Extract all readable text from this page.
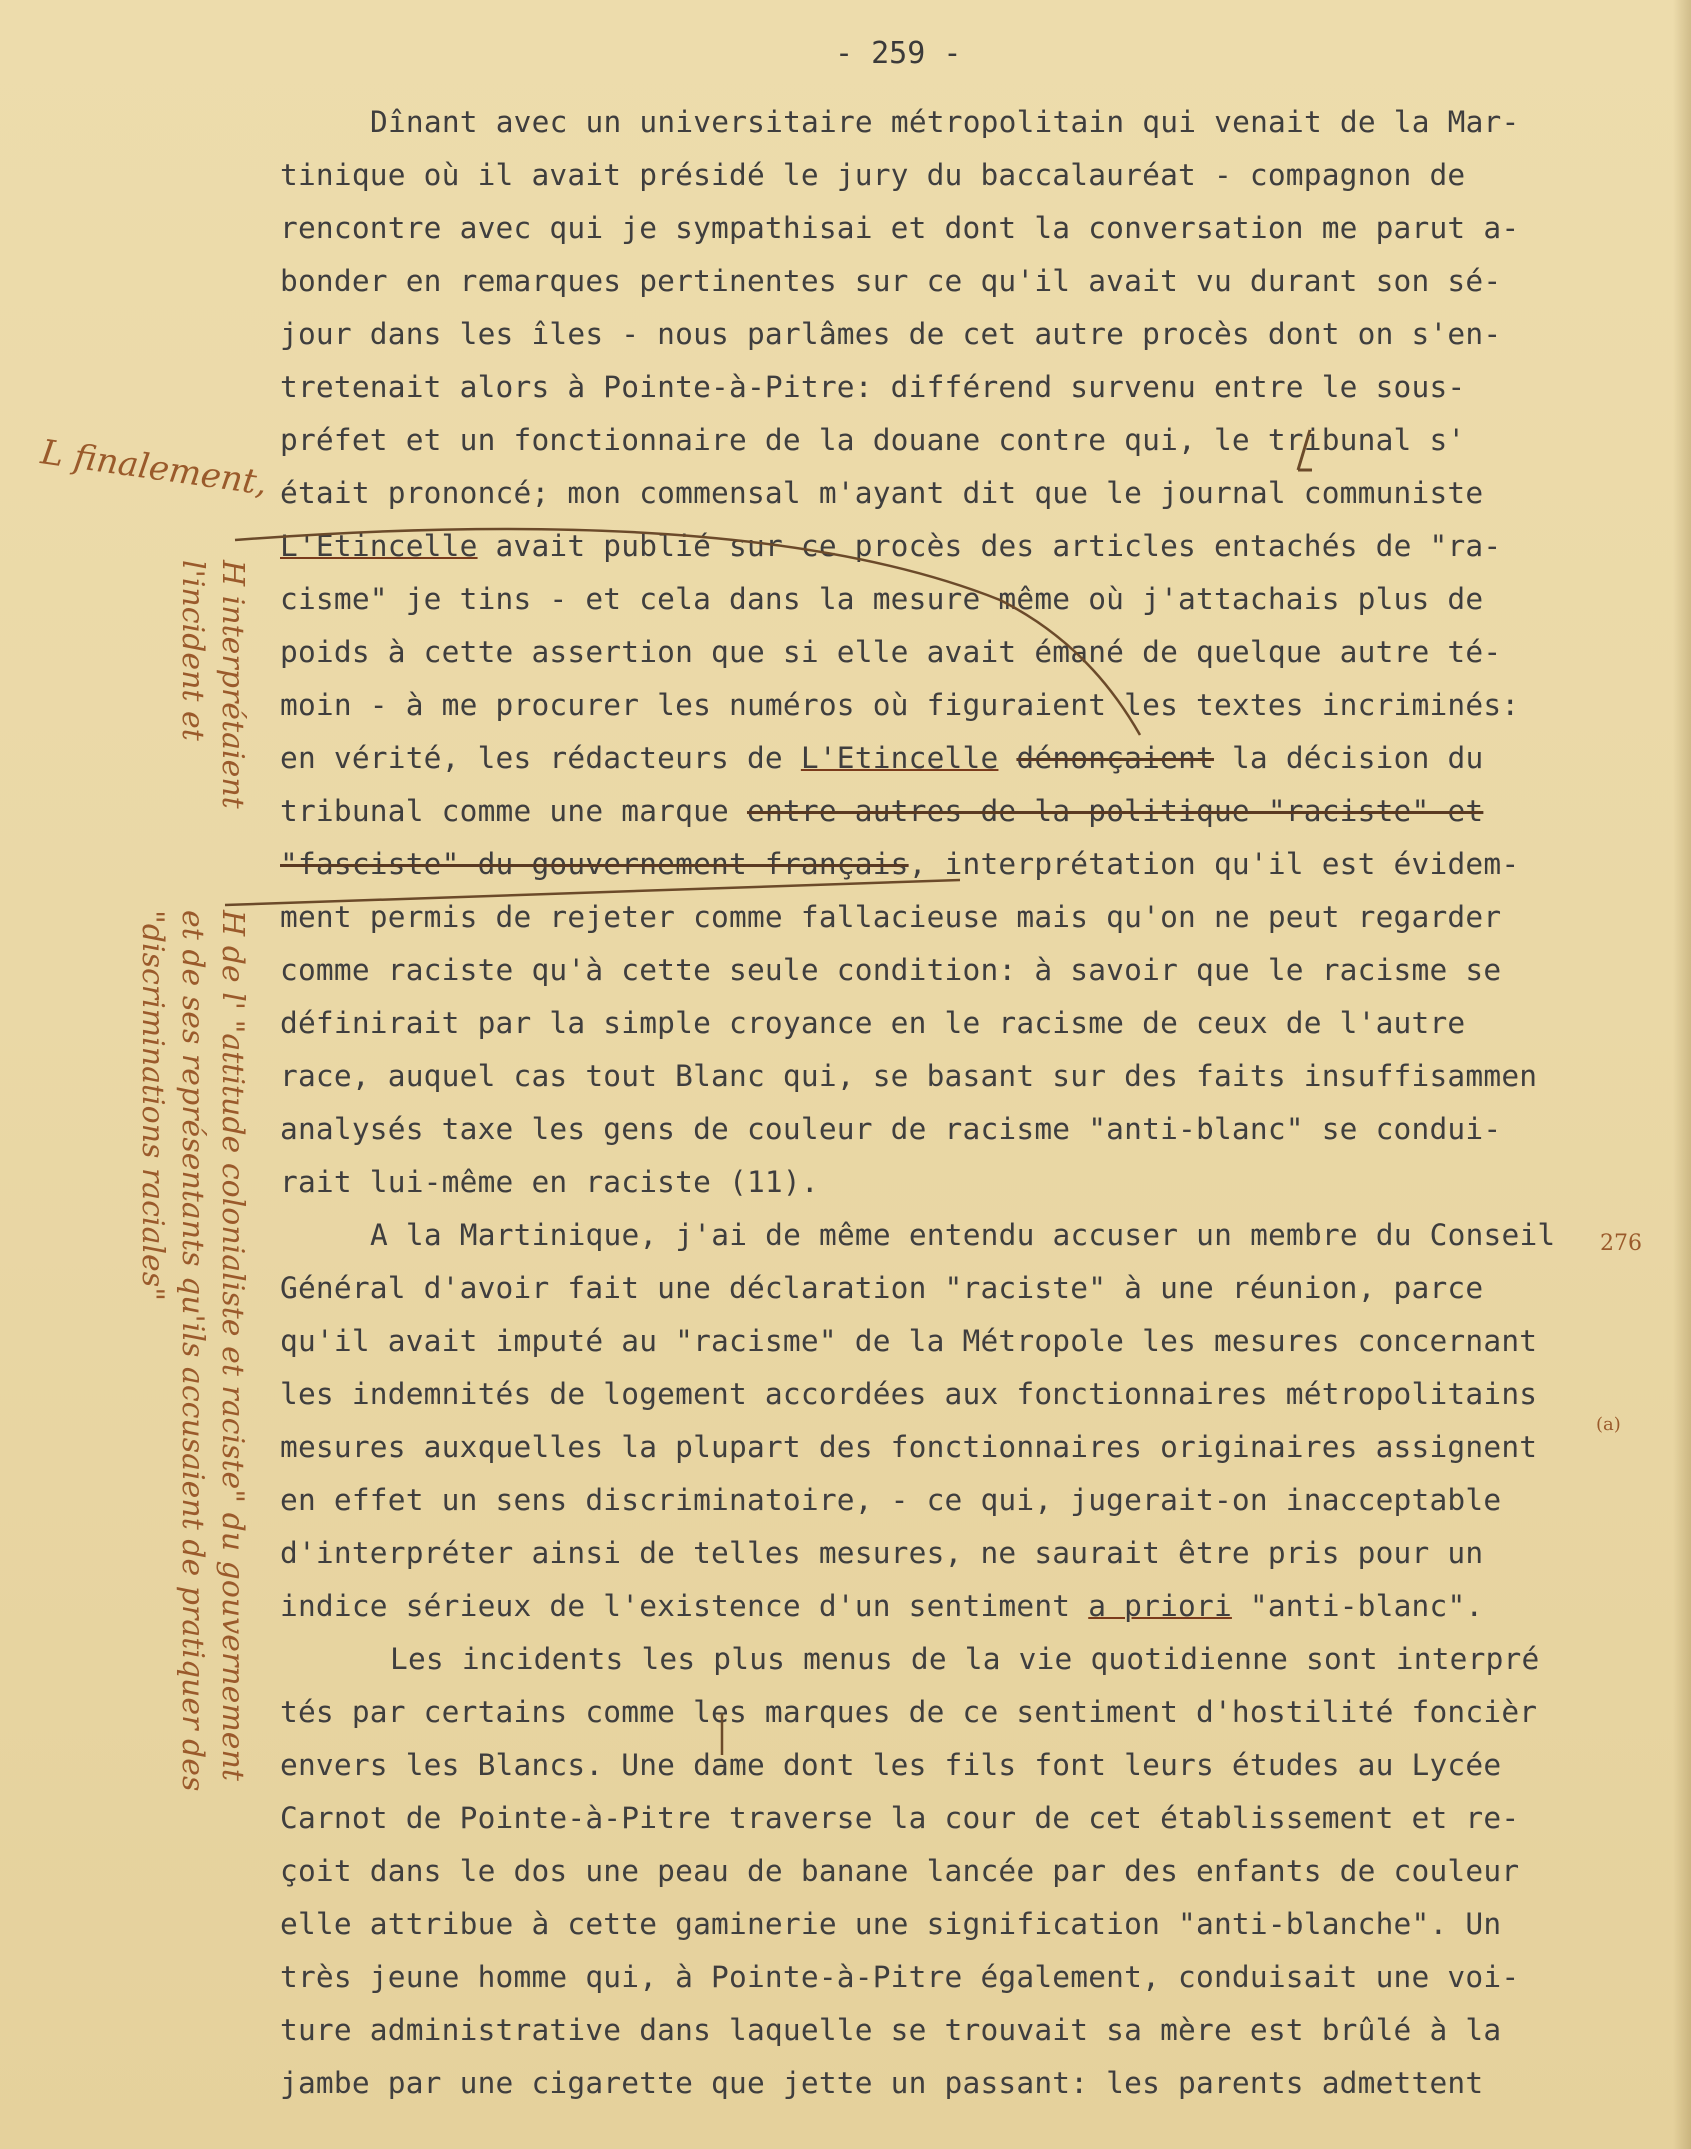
- 259 -

Dînant avec un universitaire métropolitain qui venait de la Mar-
tinique où il avait présidé le jury du baccalauréat - compagnon de
rencontre avec qui je sympathisai et dont la conversation me parut a-
bonder en remarques pertinentes sur ce qu'il avait vu durant son sé-
jour dans les îles - nous parlâmes de cet autre procès dont on s'en-
tretenait alors à Pointe-à-Pitre: différend survenu entre le sous-
préfet et un fonctionnaire de la douane contre qui, le tribunal s'
était prononcé; mon commensal m'ayant dit que le journal communiste

L'Etincelle avait publié sur ce procès des articles entachés de "ra-
cisme" je tins - et cela dans la mesure même où j'attachais plus de
poids à cette assertion que si elle avait émané de quelque autre té-
moin - à me procurer les numéros où figuraient les textes incriminés:
en vérité, les rédacteurs de L'Etincelle dénonçaient la décision du
tribunal comme une marque entre autres de la politique "raciste" et
"fasciste" du gouvernement français, interprétation qu'il est évidem-
ment permis de rejeter comme fallacieuse mais qu'on ne peut regarder
comme raciste qu'à cette seule condition: à savoir que le racisme se
définirait par la simple croyance en le racisme de ceux de l'autre
race, auquel cas tout Blanc qui, se basant sur des faits insuffisammen
analysés taxe les gens de couleur de racisme "anti-blanc" se condui-
rait lui-même en raciste (11).

A la Martinique, j'ai de même entendu accuser un membre du Conseil
Général d'avoir fait une déclaration "raciste" à une réunion, parce
qu'il avait imputé au "racisme" de la Métropole les mesures concernant
les indemnités de logement accordées aux fonctionnaires métropolitains
mesures auxquelles la plupart des fonctionnaires originaires assignent
en effet un sens discriminatoire, - ce qui, jugerait-on inacceptable
d'interpréter ainsi de telles mesures, ne saurait être pris pour un
indice sérieux de l'existence d'un sentiment a priori "anti-blanc".

Les incidents les plus menus de la vie quotidienne sont interpré
tés par certains comme les marques de ce sentiment d'hostilité foncièr
envers les Blancs. Une dame dont les fils font leurs études au Lycée
Carnot de Pointe-à-Pitre traverse la cour de cet établissement et re-
çoit dans le dos une peau de banane lancée par des enfants de couleur
elle attribue à cette gaminerie une signification "anti-blanche". Un
très jeune homme qui, à Pointe-à-Pitre également, conduisait une voi-
ture administrative dans laquelle se trouvait sa mère est brûlé à la
jambe par une cigarette que jette un passant: les parents admettent

276
(a)
L finalement,
H interprétaient
l'incident et
H de l' "attitude colonialiste et raciste" du gouvernement
et de ses représentants qu'ils accusaient de pratiquer des
"discriminations raciales"
